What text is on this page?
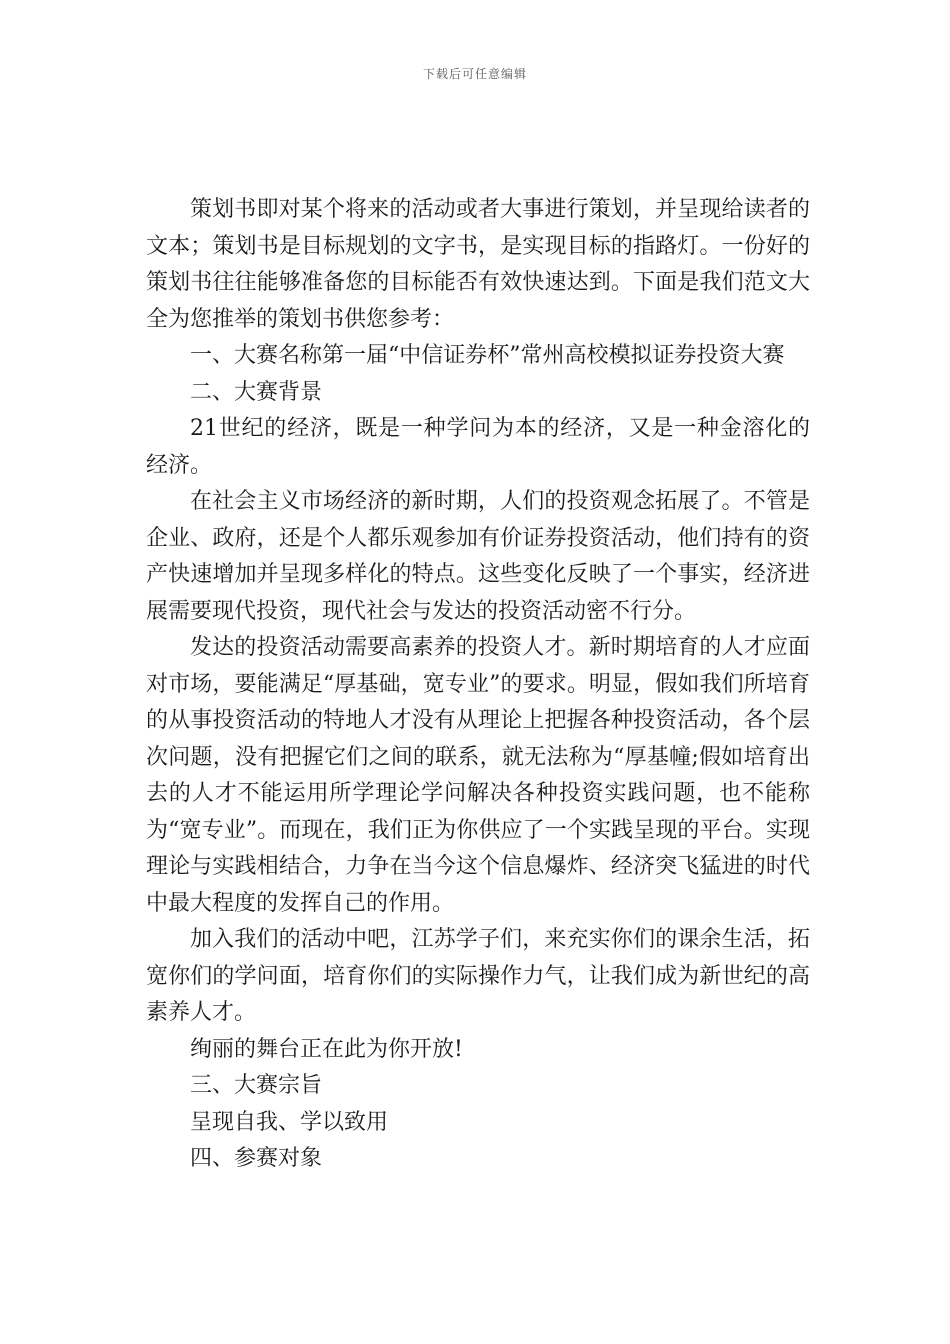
下载后可任意编辑

策划书即对某个将来的活动或者大事进行策划，并呈现给读者的文本；策划书是目标规划的文字书，是实现目标的指路灯。一份好的策划书往往能够准备您的目标能否有效快速达到。下面是我们范文大全为您推举的策划书供您参考：

一、大赛名称第一届“中信证券杯”常州高校模拟证券投资大赛

二、大赛背景

21世纪的经济，既是一种学问为本的经济，又是一种金溶化的经济。

在社会主义市场经济的新时期，人们的投资观念拓展了。不管是企业、政府，还是个人都乐观参加有价证券投资活动，他们持有的资产快速增加并呈现多样化的特点。这些变化反映了一个事实，经济进展需要现代投资，现代社会与发达的投资活动密不行分。

发达的投资活动需要高素养的投资人才。新时期培育的人才应面对市场，要能满足“厚基础，宽专业”的要求。明显，假如我们所培育的从事投资活动的特地人才没有从理论上把握各种投资活动，各个层次问题，没有把握它们之间的联系，就无法称为“厚基幢;假如培育出去的人才不能运用所学理论学问解决各种投资实践问题，也不能称为“宽专业”。而现在，我们正为你供应了一个实践呈现的平台。实现理论与实践相结合，力争在当今这个信息爆炸、经济突飞猛进的时代中最大程度的发挥自己的作用。

加入我们的活动中吧，江苏学子们，来充实你们的课余生活，拓宽你们的学问面，培育你们的实际操作力气，让我们成为新世纪的高素养人才。

绚丽的舞台正在此为你开放!

三、大赛宗旨

呈现自我、学以致用

四、参赛对象
